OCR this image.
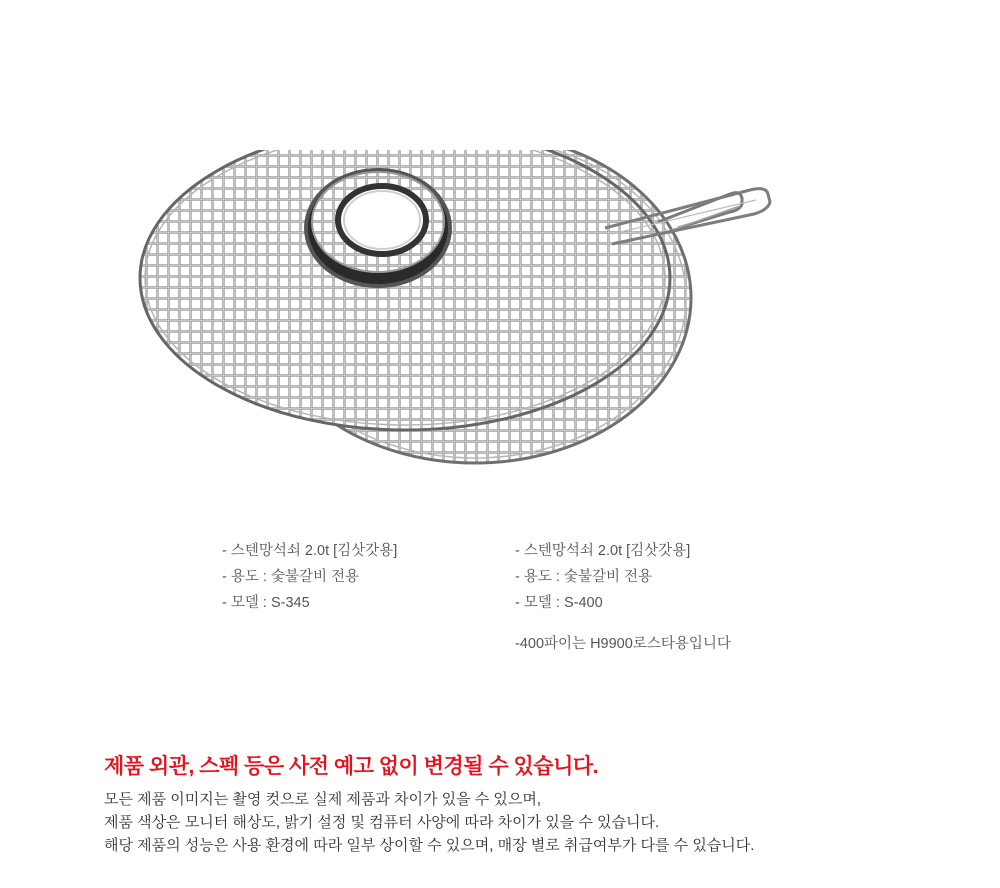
- 스텐망석쇠 2.0t [김삿갓용]
- 용도 : 숯불갈비 전용
- 모델 : S-345
- 스텐망석쇠 2.0t [김삿갓용]
- 용도 : 숯불갈비 전용
- 모델 : S-400

-400파이는 H9900로스타용입니다

제품 외관, 스펙 등은 사전 예고 없이 변경될 수 있습니다.
모든 제품 이미지는 촬영 컷으로 실제 제품과 차이가 있을 수 있으며,
제품 색상은 모니터 해상도, 밝기 설정 및 컴퓨터 사양에 따라 차이가 있을 수 있습니다.
해당 제품의 성능은 사용 환경에 따라 일부 상이할 수 있으며, 매장 별로 취급여부가 다를 수 있습니다.
